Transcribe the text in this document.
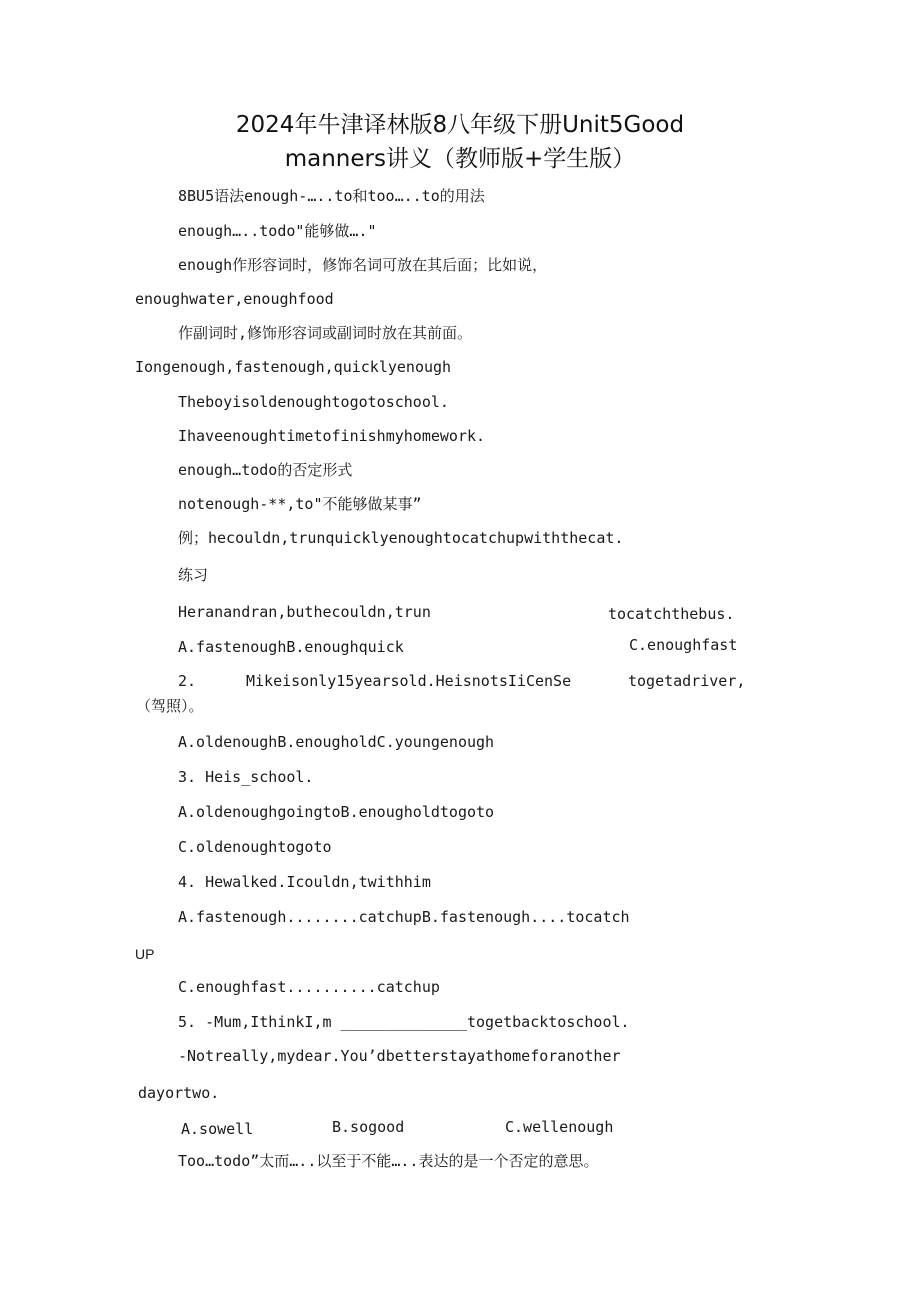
2024年牛津译林版8八年级下册Unit5Good
manners讲义（教师版+学生版）
8BU5语法enough-…..to和too…..to的用法
enough…..todo"能够做…."
enough作形容词时，修饰名词可放在其后面；比如说，
enoughwater,enoughfood
作副词时,修饰形容词或副词时放在其前面。
Iongenough,fastenough,quicklyenough
Theboyisoldenoughtogotoschool.
Ihaveenoughtimetofinishmyhomework.
enough…todo的否定形式
notenough-**,to"不能够做某事”
例；hecouldn,trunquicklyenoughtocatchupwiththecat.
练习
Heranandran,buthecouldn,trun	tocatchthebus.
A.fastenoughB.enoughquick	C.enoughfast
2.	Mikeisonly15yearsold.HeisnotsIiCenSe	togetadriver,
（驾照）。
A.oldenoughB.enougholdC.youngenough
3. Heis_school.
A.oldenoughgoingtoB.enougholdtogoto
C.oldenoughtogoto
4. Hewalked.Icouldn,twithhim
A.fastenough........catchupB.fastenough....tocatch
UP
C.enoughfast..........catchup
5. -Mum,IthinkI,m ______________togetbacktoschool.
-Notreally,mydear.You’dbetterstayathomeforanother
dayortwo.
A.sowell	B.sogood	C.wellenough
Too…todo”太而…..以至于不能…..表达的是一个否定的意思。
